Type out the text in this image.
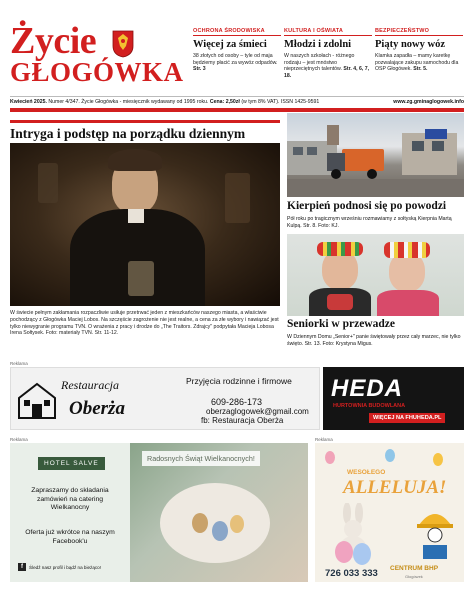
Życie
GŁOGÓWKA
OCHRONA ŚRODOWISKA
Więcej za śmieci
38 złotych od osoby – tyle od maja będziemy płacić za wywóz odpadów. Str. 3
KULTURA I OŚWIATA
Młodzi i zdolni
W naszych szkołach - różnego rodzaju – jest mnóstwo nieprzeciętnych talentów. Str. 4, 6, 7, 18.
BEZPIECZEŃSTWO
Piąty nowy wóz
Klamka zapadła – mamy karetkę pozwalające zakupu samochodu dla OSP Głogówek. Str. 5.
Kwiecień 2025. Numer 4/347. Życie Głogówka - miesięcznik wydawany od 1995 roku. Cena: 2,50zł (w tym 8% VAT). ISSN 1425-9591	www.zg.gminaglogowek.info
Intryga i podstęp na porządku dziennym
W świecie pełnym zakłamania rozpaczliwie usiłuje przetrwać jeden z mieszkańców naszego miasta, a właściwie pochodzący z Głogówka Maciej Lobos. Na szczęście zagrożenie nie jest realne, a cena za złe wybory i nawiązać jest tylko niewygranie programu TVN. O wrażenia z pracy i drodze do „The Traitors. Zdrajcy" podpytała Macieja Lobosa Irena Sołtysek. Foto: materiały TVN. Str. 11-12.
Kierpień podnosi się po powodzi
Pół roku po tragicznym wrześniu rozmawiamy z sołtyską Kierpnia Martą Kulpą. Str. 8. Foto: KJ.
Seniorki w przewadze
W Dziennym Domu „Senior+" panie świętowały przez cały marzec, nie tylko święto. Str. 13. Foto: Krystyna Migus.
Reklama
Restauracja
Oberża
Przyjęcia rodzinne i firmowe
609-286-173
oberzaglogowek@gmail.com
fb: Restauracja Oberża
HEDA
HURTOWNIA BUDOWLANA
WIĘCEJ NA FHUHEDA.PL
Reklama	Reklama
HOTEL SALVE
Zapraszamy do składania zamówień na catering Wielkanocny
Oferta już wkrótce na naszym Facebook'u
f	Śledź nasz profil i bądź na bieżąco!
Radosnych Świąt Wielkanocnych!
WESOŁEGO
ALLELUJA!
726 033 333 CENTRUM BHP
Głogówek
